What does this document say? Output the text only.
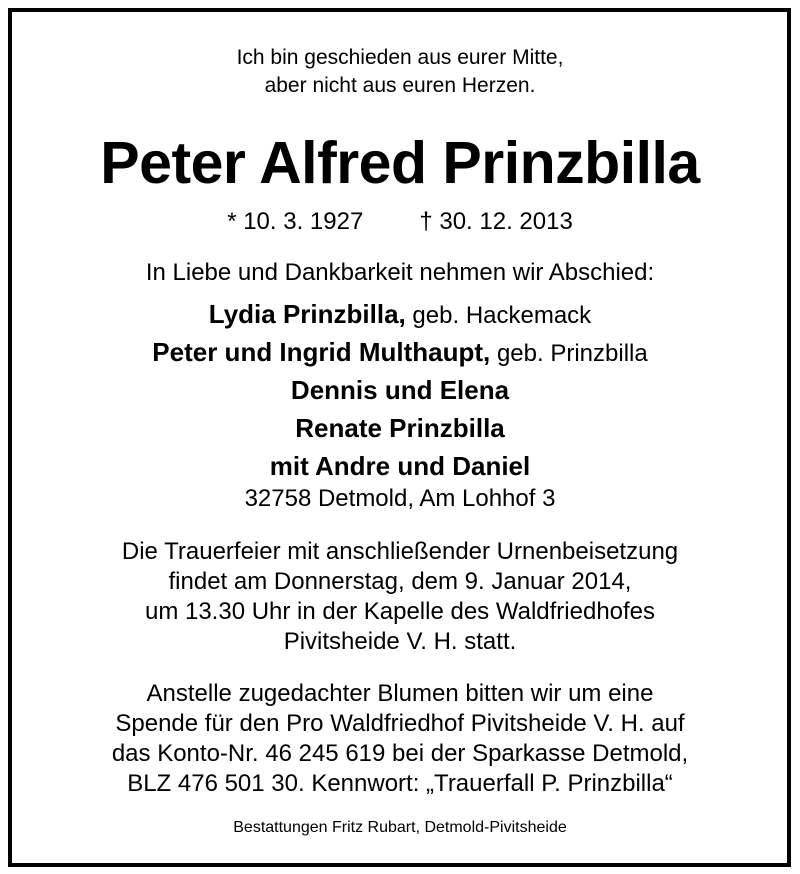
Ich bin geschieden aus eurer Mitte,
aber nicht aus euren Herzen.
Peter Alfred Prinzbilla
* 10. 3. 1927 † 30. 12. 2013
In Liebe und Dankbarkeit nehmen wir Abschied:
Lydia Prinzbilla, geb. Hackemack
Peter und Ingrid Multhaupt, geb. Prinzbilla
Dennis und Elena
Renate Prinzbilla
mit Andre und Daniel
32758 Detmold, Am Lohhof 3
Die Trauerfeier mit anschließender Urnenbeisetzung
findet am Donnerstag, dem 9. Januar 2014,
um 13.30 Uhr in der Kapelle des Waldfriedhofes
Pivitsheide V. H. statt.
Anstelle zugedachter Blumen bitten wir um eine
Spende für den Pro Waldfriedhof Pivitsheide V. H. auf
das Konto-Nr. 46 245 619 bei der Sparkasse Detmold,
BLZ 476 501 30. Kennwort: „Trauerfall P. Prinzbilla“
Bestattungen Fritz Rubart, Detmold-Pivitsheide
